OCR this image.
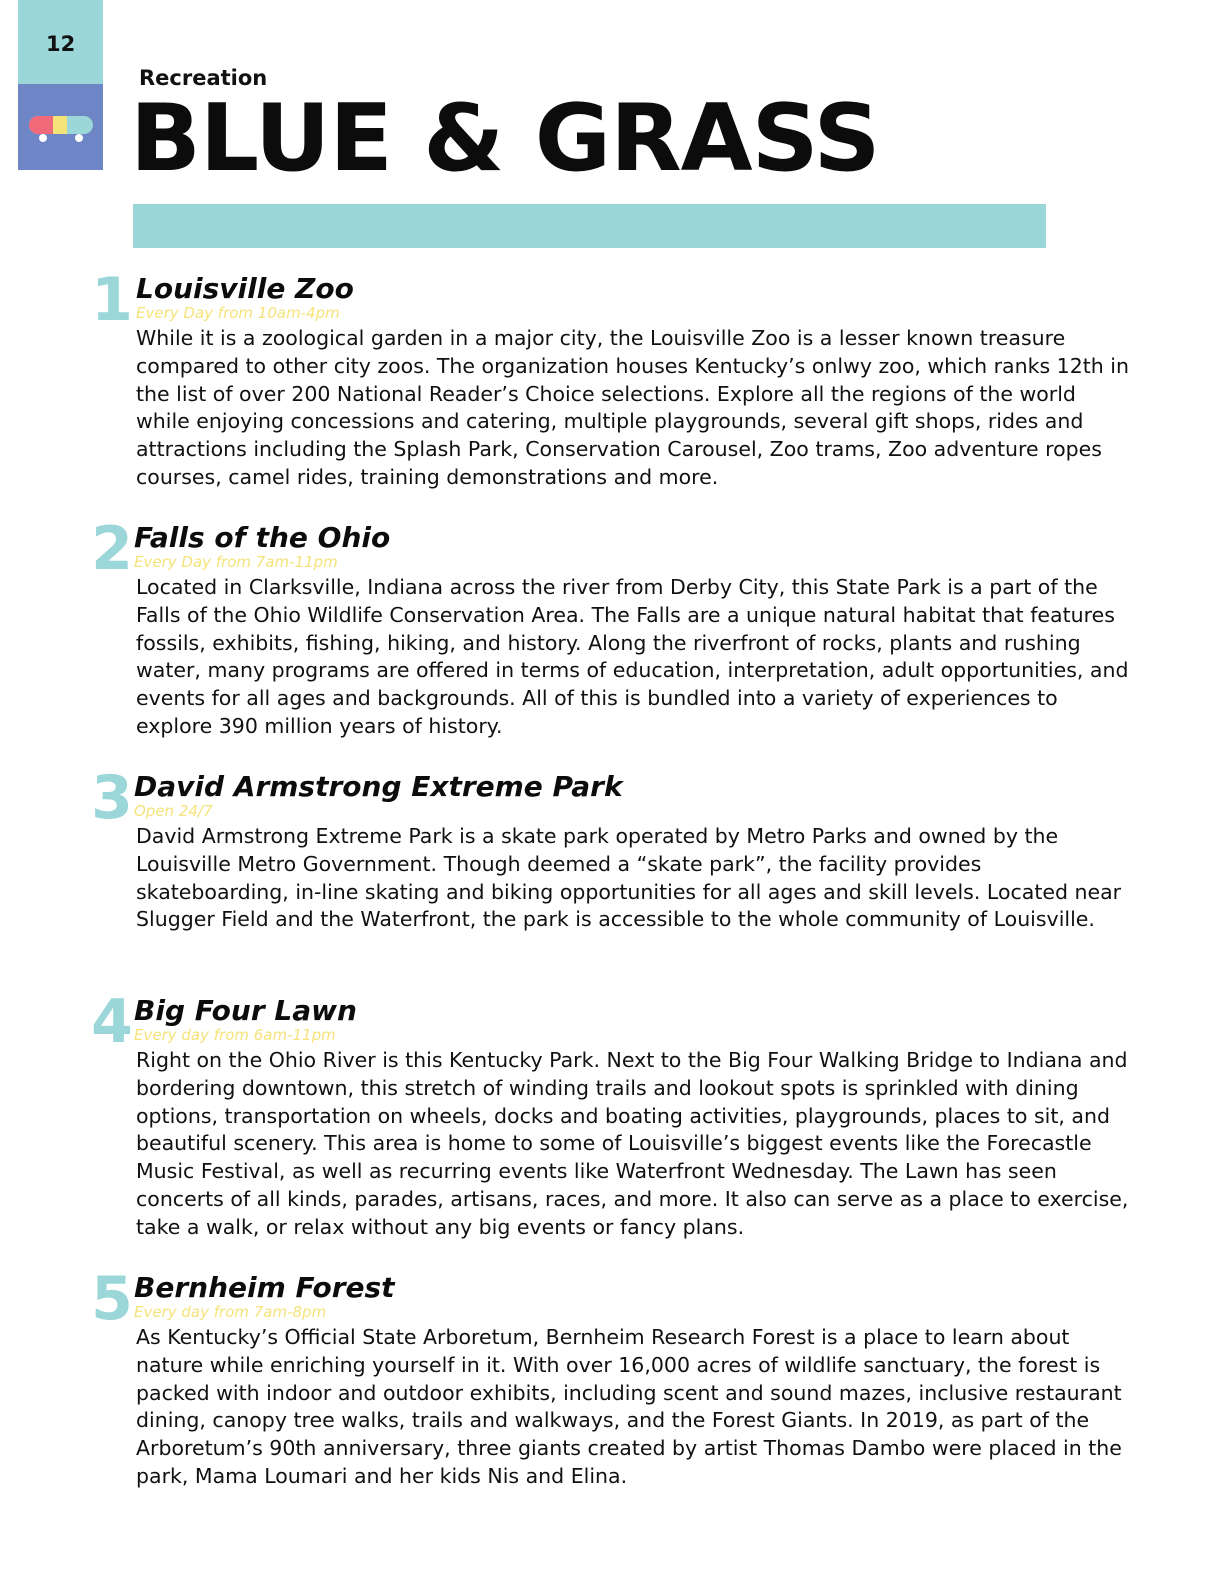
12
Recreation
BLUE & GRASS
1 Louisville Zoo
Every Day from 10am-4pm

While it is a zoological garden in a major city, the Louisville Zoo is a lesser known treasure compared to other city zoos. The organization houses Kentucky’s onlwy zoo, which ranks 12th in the list of over 200 National Reader’s Choice selections. Explore all the regions of the world while enjoying concessions and catering, multiple playgrounds, several gift shops, rides and attractions including the Splash Park, Conservation Carousel, Zoo trams, Zoo adventure ropes courses, camel rides, training demonstrations and more.

2 Falls of the Ohio
Every Day from 7am-11pm

Located in Clarksville, Indiana across the river from Derby City, this State Park is a part of the Falls of the Ohio Wildlife Conservation Area. The Falls are a unique natural habitat that features fossils, exhibits, fishing, hiking, and history. Along the riverfront of rocks, plants and rushing water, many programs are offered in terms of education, interpretation, adult opportunities, and events for all ages and backgrounds. All of this is bundled into a variety of experiences to explore 390 million years of history.

3 David Armstrong Extreme Park
Open 24/7

David Armstrong Extreme Park is a skate park operated by Metro Parks and owned by the Louisville Metro Government. Though deemed a “skate park”, the facility provides skateboarding, in-line skating and biking opportunities for all ages and skill levels. Located near Slugger Field and the Waterfront, the park is accessible to the whole community of Louisville.

4 Big Four Lawn
Every day from 6am-11pm

Right on the Ohio River is this Kentucky Park. Next to the Big Four Walking Bridge to Indiana and bordering downtown, this stretch of winding trails and lookout spots is sprinkled with dining options, transportation on wheels, docks and boating activities, playgrounds, places to sit, and beautiful scenery. This area is home to some of Louisville’s biggest events like the Forecastle Music Festival, as well as recurring events like Waterfront Wednesday. The Lawn has seen concerts of all kinds, parades, artisans, races, and more. It also can serve as a place to exercise, take a walk, or relax without any big events or fancy plans.

5 Bernheim Forest
Every day from 7am-8pm

As Kentucky’s Official State Arboretum, Bernheim Research Forest is a place to learn about nature while enriching yourself in it. With over 16,000 acres of wildlife sanctuary, the forest is packed with indoor and outdoor exhibits, including scent and sound mazes, inclusive restaurant dining, canopy tree walks, trails and walkways, and the Forest Giants. In 2019, as part of the Arboretum’s 90th anniversary, three giants created by artist Thomas Dambo were placed in the park, Mama Loumari and her kids Nis and Elina.
